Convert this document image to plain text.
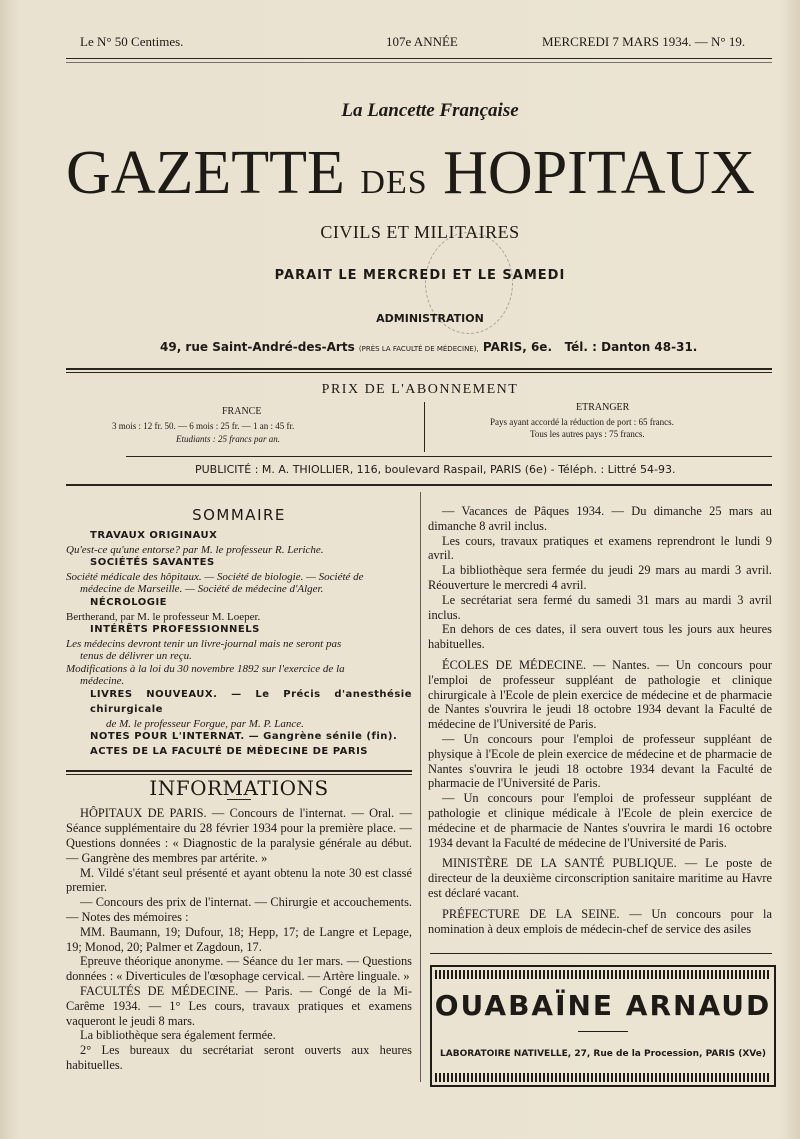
Le N° 50 Centimes.	107e ANNÉE	MERCREDI 7 MARS 1934. — N° 19.
La Lancette Française
GAZETTE DES HOPITAUX
CIVILS ET MILITAIRES
PARAIT LE MERCREDI ET LE SAMEDI
ADMINISTRATION
49, rue Saint-André-des-Arts (PRÈS LA FACULTÉ DE MÉDECINE), PARIS, 6e. Tél. : Danton 48-31.
PRIX DE L'ABONNEMENT
FRANCE
3 mois : 12 fr. 50. — 6 mois : 25 fr. — 1 an : 45 fr.
Etudiants : 25 francs par an.
ETRANGER
Pays ayant accordé la réduction de port : 65 francs.
Tous les autres pays : 75 francs.
PUBLICITÉ : M. A. THIOLLIER, 116, boulevard Raspail, PARIS (6e) - Téléph. : Littré 54-93.
SOMMAIRE
TRAVAUX ORIGINAUX
Qu'est-ce qu'une entorse? par M. le professeur R. Leriche.
SOCIÉTÉS SAVANTES
Société médicale des hôpitaux. — Société de biologie. — Société de
médecine de Marseille. — Société de médecine d'Alger.
NÉCROLOGIE
Bertherand, par M. le professeur M. Loeper.
INTÉRÊTS PROFESSIONNELS
Les médecins devront tenir un livre-journal mais ne seront pas
tenus de délivrer un reçu.
Modifications à la loi du 30 novembre 1892 sur l'exercice de la
médecine.
LIVRES NOUVEAUX. — Le Précis d'anesthésie chirurgicale
de M. le professeur Forgue, par M. P. Lance.
NOTES POUR L'INTERNAT. — Gangrène sénile (fin).
ACTES DE LA FACULTÉ DE MÉDECINE DE PARIS
INFORMATIONS

HÔPITAUX DE PARIS. — Concours de l'internat. — Oral. — Séance supplémentaire du 28 février 1934 pour la première place. — Questions données : « Diagnostic de la paralysie générale au début. — Gangrène des membres par artérite. »

M. Vildé s'étant seul présenté et ayant obtenu la note 30 est classé premier.

— Concours des prix de l'internat. — Chirurgie et accouchements. — Notes des mémoires :

MM. Baumann, 19; Dufour, 18; Hepp, 17; de Langre et Lepage, 19; Monod, 20; Palmer et Zagdoun, 17.

Epreuve théorique anonyme. — Séance du 1er mars. — Questions données : « Diverticules de l'œsophage cervical. — Artère linguale. »

FACULTÉS DE MÉDECINE. — Paris. — Congé de la Mi-Carême 1934. — 1° Les cours, travaux pratiques et examens vaqueront le jeudi 8 mars.

La bibliothèque sera également fermée.

2° Les bureaux du secrétariat seront ouverts aux heures habituelles.

— Vacances de Pâques 1934. — Du dimanche 25 mars au dimanche 8 avril inclus.

Les cours, travaux pratiques et examens reprendront le lundi 9 avril.

La bibliothèque sera fermée du jeudi 29 mars au mardi 3 avril. Réouverture le mercredi 4 avril.

Le secrétariat sera fermé du samedi 31 mars au mardi 3 avril inclus.

En dehors de ces dates, il sera ouvert tous les jours aux heures habituelles.

ÉCOLES DE MÉDECINE. — Nantes. — Un concours pour l'emploi de professeur suppléant de pathologie et clinique chirurgicale à l'Ecole de plein exercice de médecine et de pharmacie de Nantes s'ouvrira le jeudi 18 octobre 1934 devant la Faculté de médecine de l'Université de Paris.

— Un concours pour l'emploi de professeur suppléant de physique à l'Ecole de plein exercice de médecine et de pharmacie de Nantes s'ouvrira le jeudi 18 octobre 1934 devant la Faculté de pharmacie de l'Université de Paris.

— Un concours pour l'emploi de professeur suppléant de pathologie et clinique médicale à l'Ecole de plein exercice de médecine et de pharmacie de Nantes s'ouvrira le mardi 16 octobre 1934 devant la Faculté de médecine de l'Université de Paris.

MINISTÈRE DE LA SANTÉ PUBLIQUE. — Le poste de directeur de la deuxième circonscription sanitaire maritime au Havre est déclaré vacant.

PRÉFECTURE DE LA SEINE. — Un concours pour la nomination à deux emplois de médecin-chef de service des asiles

OUABAÏNE ARNAUD
LABORATOIRE NATIVELLE, 27, Rue de la Procession, PARIS (XVe)
